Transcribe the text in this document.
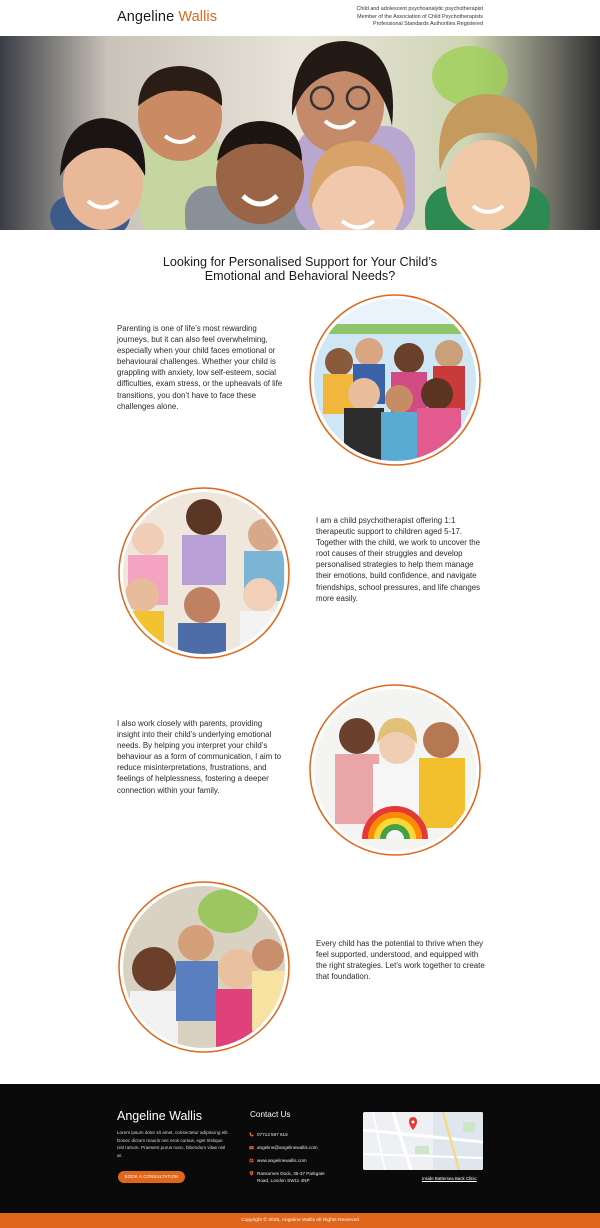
Angeline Wallis	Child and adolescent psychoanalytic psychotherapist
Member of the Association of Child Psychotherapists
Professional Standards Authorities Registered
Looking for Personalised Support for Your Child’s
Emotional and Behavioral Needs?

Parenting is one of life’s most rewarding journeys, but it can also feel overwhelming, especially when your child faces emotional or behavioural challenges. Whether your child is grappling with anxiety, low self-esteem, social difficulties, exam stress, or the upheavals of life transitions, you don’t have to face these challenges alone.

I am a child psychotherapist offering 1:1 therapeutic support to children aged 5-17. Together with the child, we work to uncover the root causes of their struggles and develop personalised strategies to help them manage their emotions, build confidence, and navigate friendships, school pressures, and life changes more easily.

I also work closely with parents, providing insight into their child’s underlying emotional needs. By helping you interpret your child’s behaviour as a form of communication, I aim to reduce misinterpretations, frustrations, and feelings of helplessness, fostering a deeper connection within your family.

Every child has the potential to thrive when they feel supported, understood, and equipped with the right strategies. Let’s work together to create that foundation.

Angeline Wallis

Lorem ipsum dolor sit amet, consectetur adipiscing elit. Donec dictum mauris nec eros cursus, eget tristique nisl rutrum. Praesent purus nunc, bibendum vitae nisl at.

BOOK A CONSULTATION
Contact Us
07713 567 616
angeline@angelinewallis.com
www.angelinewallis.com
Ransomes Dock, 35-37 Parkgate
Road, London SW11 4NP	Inside Battersea Back Clinic
Copyright © 2025, Angeline Wallis All Rights Reserved
